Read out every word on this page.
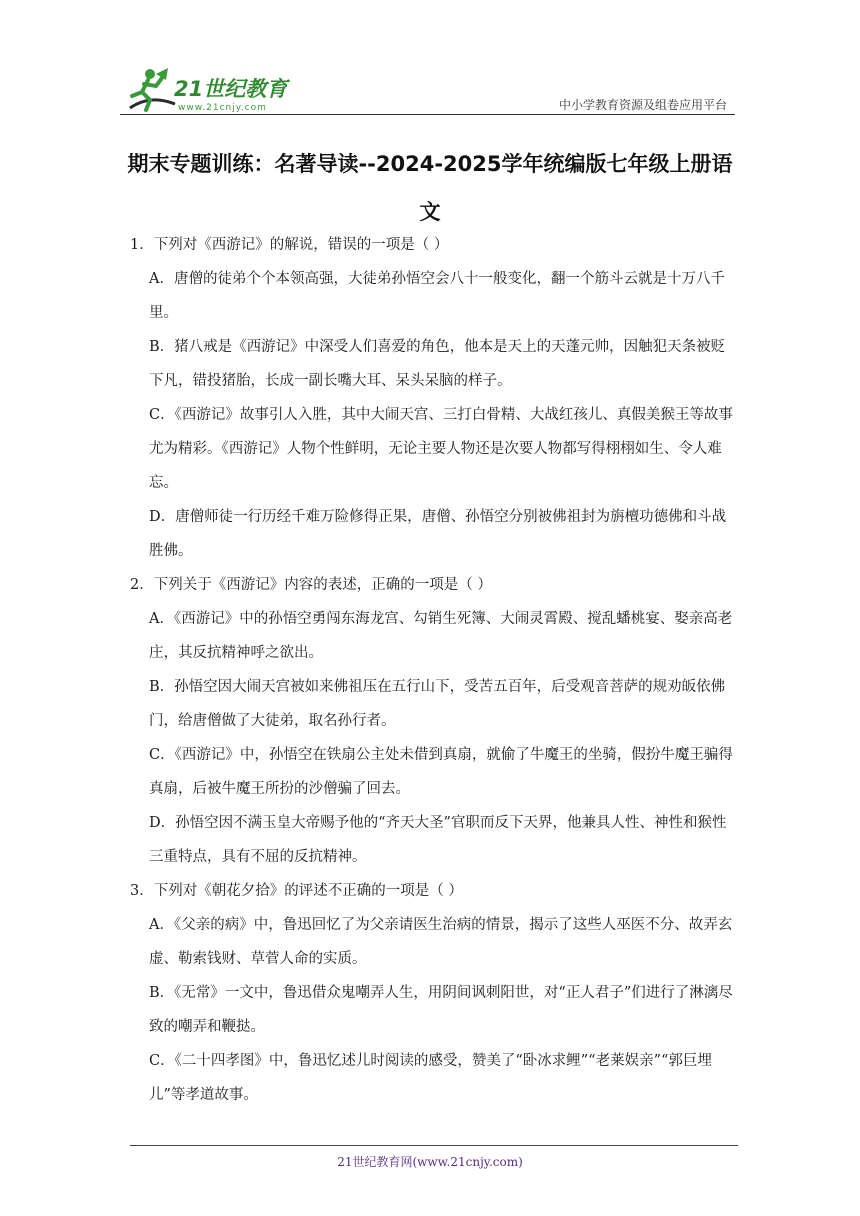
21世纪教育
www.21cnjy.com	中小学教育资源及组卷应用平台
期末专题训练：名著导读--2024-2025学年统编版七年级上册语文

1．下列对《西游记》的解说，错误的一项是（ ）

A．唐僧的徒弟个个本领高强，大徒弟孙悟空会八十一般变化，翻一个筋斗云就是十万八千里。

B．猪八戒是《西游记》中深受人们喜爱的角色，他本是天上的天蓬元帅，因触犯天条被贬下凡，错投猪胎，长成一副长嘴大耳、呆头呆脑的样子。

C．《西游记》故事引人入胜，其中大闹天宫、三打白骨精、大战红孩儿、真假美猴王等故事尤为精彩。《西游记》人物个性鲜明，无论主要人物还是次要人物都写得栩栩如生、令人难忘。

D．唐僧师徒一行历经千难万险修得正果，唐僧、孙悟空分别被佛祖封为旃檀功德佛和斗战胜佛。

2．下列关于《西游记》内容的表述，正确的一项是（ ）

A．《西游记》中的孙悟空勇闯东海龙宫、勾销生死簿、大闹灵霄殿、搅乱蟠桃宴、娶亲高老庄，其反抗精神呼之欲出。

B．孙悟空因大闹天宫被如来佛祖压在五行山下，受苦五百年，后受观音菩萨的规劝皈依佛门，给唐僧做了大徒弟，取名孙行者。

C．《西游记》中，孙悟空在铁扇公主处未借到真扇，就偷了牛魔王的坐骑，假扮牛魔王骗得真扇，后被牛魔王所扮的沙僧骗了回去。

D．孙悟空因不满玉皇大帝赐予他的“齐天大圣”官职而反下天界，他兼具人性、神性和猴性三重特点，具有不屈的反抗精神。

3．下列对《朝花夕拾》的评述不正确的一项是（ ）

A．《父亲的病》中，鲁迅回忆了为父亲请医生治病的情景，揭示了这些人巫医不分、故弄玄虚、勒索钱财、草菅人命的实质。

B．《无常》一文中，鲁迅借众鬼嘲弄人生，用阴间讽刺阳世，对“正人君子”们进行了淋漓尽致的嘲弄和鞭挞。

C．《二十四孝图》中，鲁迅忆述儿时阅读的感受，赞美了“卧冰求鲤”“老莱娱亲”“郭巨埋儿”等孝道故事。

21世纪教育网(www.21cnjy.com)
